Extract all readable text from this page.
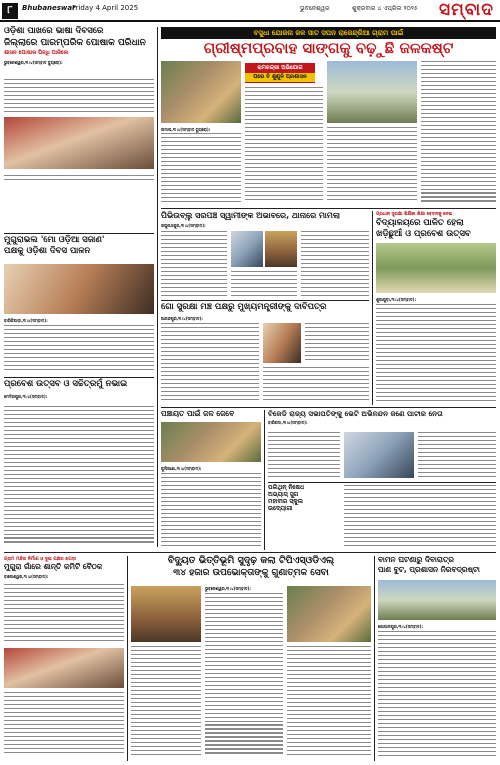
୮	Bhubaneswar
Friday 4 April 2025	ଭୁବନେଶ୍ୱର	ଶୁକ୍ରବାର ୪ ଏପ୍ରିଲ ୨୦୨୫ ସମ୍ବାଦ
ଓଡ଼ିଶା ପାଖରେ ଭାଷା ଦିବସରେ
ଜିଲ୍ଲାରେ ପାରମ୍ପରିକ ପୋଷାକ ପରିଧାନ
ଶାସନ ପୋଷାକ ପିନ୍ଧି ପାଳିଲେ
ଭୁବନେଶ୍ୱର,୩।୪(ସମ୍ବାଦ ବ୍ୟୁରୋ):
ମୁଗୁରାଭଲ 'ମୋ ଓଡ଼ିଆ ସଜାଣ'
ପକ୍ଷକୁ ଓଡ଼ିଶା ଦିବସ ପାଳନ
ବାରିକିପାଡ଼ା,୩।୪(ସମ୍ବାଦ):
ପ୍ରବେଶ ଉତ୍ସବ ଓ ସଚ୍ଚିତ୍ରମୁଁ ନଭାଇ
ମେଦିନାପୁର,୩।୪(ସମ୍ବାଦ):
ବସୁଧା ଯୋଜନା ଜଳ ସାତ ସପନ ରାଜେନ୍ଦ୍ରିଆ ଗ୍ରାମ ପାଇଁ
ଗ୍ରୀଷ୍ମପ୍ରବାହ ସାଙ୍ଗକୁ ବଢ଼ୁଛି ଜଳକଷ୍ଟ
ରାମଚନ୍ଦ୍ରୀ ଅଭିଯୋଗ
ପରେ ବି ଶୁଣୁନି ପ୍ରଶାସନ
ଉଦାଳା,୩।୪(ସମ୍ବାଦ ବ୍ୟୁରୋ):
ପିଭିଉବ୍ଲୁ ସରପଞ୍ଚ ସ୍ୱାମୀଙ୍କ ଅଭାବରେ, ଥାନାରେ ମାମଲା
ରଘୁନାଥପୁର,୩।୪(ସମ୍ବାଦ):
ଗୋ ସୁରକ୍ଷା ମଞ୍ଚ ପକ୍ଷରୁ ମୁଖ୍ୟମନ୍ତ୍ରୀଙ୍କୁ ଦାବିପତ୍ର
ଆନନ୍ଦପୁର,୩।୪(ସମ୍ବାଦ):
ପ୍ରଧାନ ସୁରକ୍ଷା ଶିକ୍ଷିକା ଶିକ୍ଷା ବେତନକୁ ନେଇ
ବିଦ୍ୟାଳୟରେ ପାଳିତ ହେଲା
ଖଡ଼ିଛୁଆଁ ଓ ପ୍ରବେଶ ଉତ୍ସବ
ଶୁଆଗୁଡ଼ା,୩।୪(ସମ୍ବାଦ):
ପଞ୍ଚାୟତ ପାଇଁ ଜଳ ଜେବେ
କୁଲିଆଣା,୩।୪(ସମ୍ବାଦ):
ବିଜେଡି ରାଜ୍ୟ ସଭାପତିଙ୍କୁ ଭେଟି ଅଭିନନ୍ଦନ ଜଣେ ପାଟୀର ନେତା
ବାରିପଦା,୩।୪(ସମ୍ବାଦ):
ପଲିଥିନ୍ ନିଷେଧ
ଅଭ୍ୟାସ୍ ସୁଗ
ମହାବୀର ସ୍କୁଲ
ଉଦ୍ୟୋଗୀ
ଗ୍ରାମ ମନ୍ଦିର ନିର୍ମାଣ ଓ ଦୁଇ ପକ୍ଷର ଝଗଡ଼ା
ମୁଗୁରା ଗାଁରେ ଶାନ୍ତି କମିଟି ବୈଠକ
ବାଲେଶ୍ୱର,୩।୪(ସମ୍ବାଦ):
ବିଦ୍ୟୁତ ଭିତ୍ତିଭୂମି ସୁଦୃଢ଼ କଲା ଟିପିଏସ୍‌ଓଡିଏଲ୍
୩୪ ହଜାର ଉପଭୋକ୍ତାଙ୍କୁ ଗୁଣାତ୍ମକ ସେବା
ଭୁବନେଶ୍ୱର,୩।୪(ସମ୍ବାଦ):
ବାମନ ଘଟଣାରୁ ଦିବାରାତ୍ର
ପାଣ ବୁଟ, ପ୍ରଶାସନ ନିରବଦ୍ରଷ୍ଟା
ଗୋପାଳପୁର,୩।୪(ସମ୍ବାଦ):
